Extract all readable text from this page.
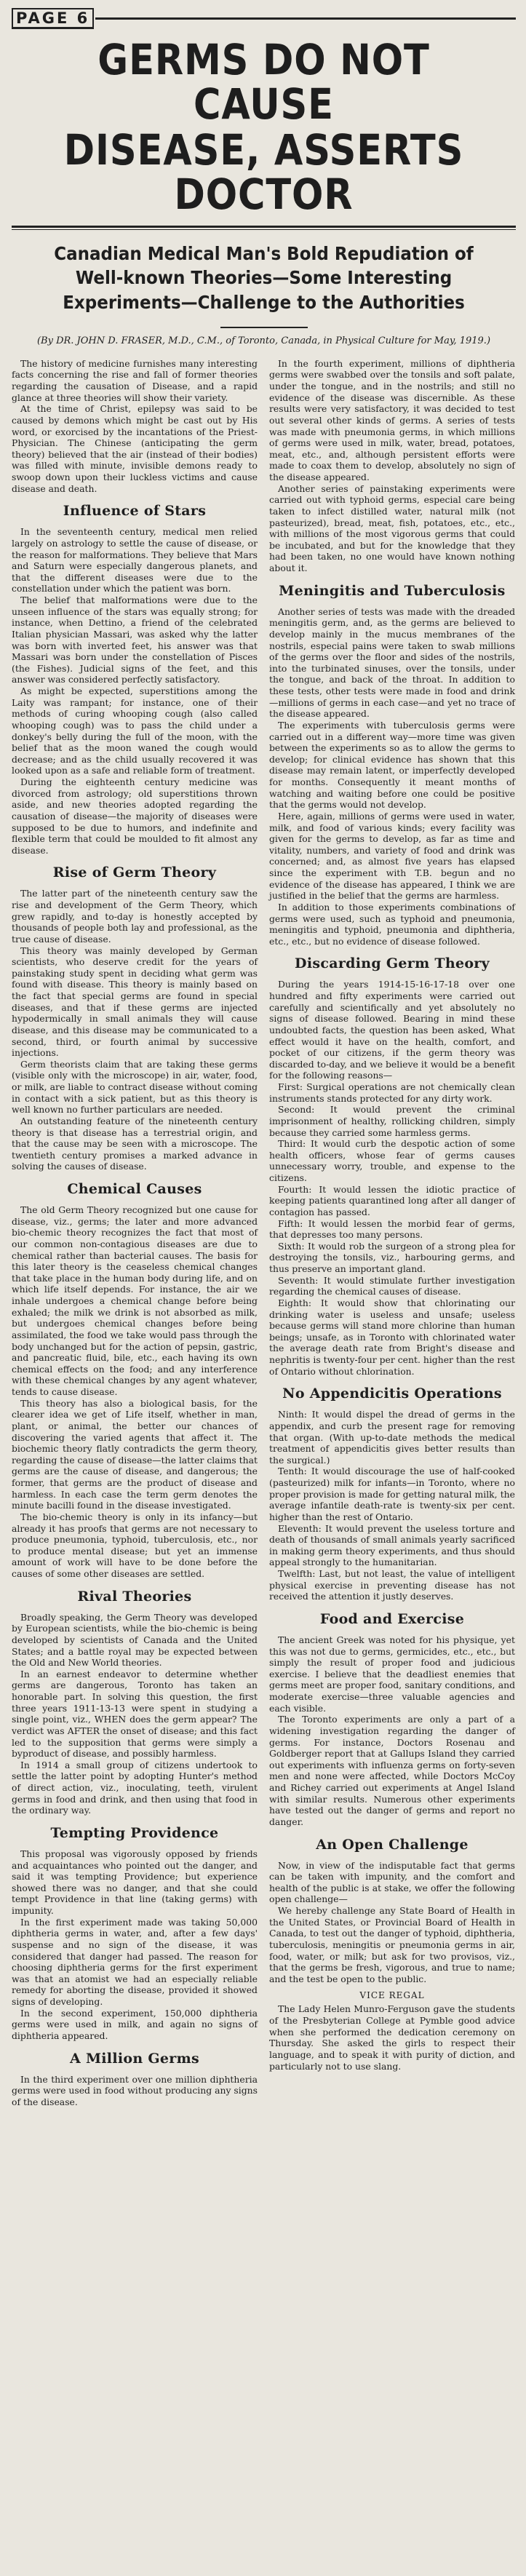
PAGE 6
GERMS DO NOT CAUSE
DISEASE, ASSERTS DOCTOR
Canadian Medical Man's Bold Repudiation of Well-known Theories—Some Interesting Experiments—Challenge to the Authorities
(By DR. JOHN D. FRASER, M.D., C.M., of Toronto, Canada, in Physical Culture for May, 1919.)

The history of medicine furnishes many interesting facts concerning the rise and fall of former theories regarding the causation of Disease, and a rapid glance at three theories will show their variety.

At the time of Christ, epilepsy was said to be caused by demons which might be cast out by His word, or exorcised by the incantations of the Priest-Physician. The Chinese (anticipating the germ theory) believed that the air (instead of their bodies) was filled with minute, invisible demons ready to swoop down upon their luckless victims and cause disease and death.

Influence of Stars

In the seventeenth century, medical men relied largely on astrology to settle the cause of disease, or the reason for malformations. They believe that Mars and Saturn were especially dangerous planets, and that the different diseases were due to the constellation under which the patient was born.

The belief that malformations were due to the unseen influence of the stars was equally strong; for instance, when Dettino, a friend of the celebrated Italian physician Massari, was asked why the latter was born with inverted feet, his answer was that Massari was born under the constellation of Pisces (the Fishes). Judicial signs of the feet, and this answer was considered perfectly satisfactory.

As might be expected, superstitions among the Laity was rampant; for instance, one of their methods of curing whooping cough (also called whooping cough) was to pass the child under a donkey's belly during the full of the moon, with the belief that as the moon waned the cough would decrease; and as the child usually recovered it was looked upon as a safe and reliable form of treatment.

During the eighteenth century medicine was divorced from astrology; old superstitions thrown aside, and new theories adopted regarding the causation of disease—the majority of diseases were supposed to be due to humors, and indefinite and flexible term that could be moulded to fit almost any disease.

Rise of Germ Theory

The latter part of the nineteenth century saw the rise and development of the Germ Theory, which grew rapidly, and to-day is honestly accepted by thousands of people both lay and professional, as the true cause of disease.

This theory was mainly developed by German scientists, who deserve credit for the years of painstaking study spent in deciding what germ was found with disease. This theory is mainly based on the fact that special germs are found in special diseases, and that if these germs are injected hypodermically in small animals they will cause disease, and this disease may be communicated to a second, third, or fourth animal by successive injections.

Germ theorists claim that are taking these germs (visible only with the microscope) in air, water, food, or milk, are liable to contract disease without coming in contact with a sick patient, but as this theory is well known no further particulars are needed.

An outstanding feature of the nineteenth century theory is that disease has a terrestrial origin, and that the cause may be seen with a microscope. The twentieth century promises a marked advance in solving the causes of disease.

Chemical Causes

The old Germ Theory recognized but one cause for disease, viz., germs; the later and more advanced bio-chemic theory recognizes the fact that most of our common non-contagious diseases are due to chemical rather than bacterial causes. The basis for this later theory is the ceaseless chemical changes that take place in the human body during life, and on which life itself depends. For instance, the air we inhale undergoes a chemical change before being exhaled; the milk we drink is not absorbed as milk, but undergoes chemical changes before being assimilated, the food we take would pass through the body unchanged but for the action of pepsin, gastric, and pancreatic fluid, bile, etc., each having its own chemical effects on the food; and any interference with these chemical changes by any agent whatever, tends to cause disease.

This theory has also a biological basis, for the clearer idea we get of Life itself, whether in man, plant, or animal, the better our chances of discovering the varied agents that affect it. The biochemic theory flatly contradicts the germ theory, regarding the cause of disease—the latter claims that germs are the cause of disease, and dangerous; the former, that germs are the product of disease and harmless. In each case the term germ denotes the minute bacilli found in the disease investigated.

The bio-chemic theory is only in its infancy—but already it has proofs that germs are not necessary to produce pneumonia, typhoid, tuberculosis, etc., nor to produce mental disease; but yet an immense amount of work will have to be done before the causes of some other diseases are settled.

Rival Theories

Broadly speaking, the Germ Theory was developed by European scientists, while the bio-chemic is being developed by scientists of Canada and the United States; and a battle royal may be expected between the Old and New World theories.

In an earnest endeavor to determine whether germs are dangerous, Toronto has taken an honorable part. In solving this question, the first three years 1911-13-13 were spent in studying a single point, viz., WHEN does the germ appear? The verdict was AFTER the onset of disease; and this fact led to the supposition that germs were simply a byproduct of disease, and possibly harmless.

In 1914 a small group of citizens undertook to settle the latter point by adopting Hunter's method of direct action, viz., inoculating, teeth, virulent germs in food and drink, and then using that food in the ordinary way.

Tempting Providence

This proposal was vigorously opposed by friends and acquaintances who pointed out the danger, and said it was tempting Providence; but experience showed there was no danger, and that she could tempt Providence in that line (taking germs) with impunity.

In the first experiment made was taking 50,000 diphtheria germs in water, and, after a few days' suspense and no sign of the disease, it was considered that danger had passed. The reason for choosing diphtheria germs for the first experiment was that an atomist we had an especially reliable remedy for aborting the disease, provided it showed signs of developing.

In the second experiment, 150,000 diphtheria germs were used in milk, and again no signs of diphtheria appeared.

A Million Germs

In the third experiment over one million diphtheria germs were used in food without producing any signs of the disease.

In the fourth experiment, millions of diphtheria germs were swabbed over the tonsils and soft palate, under the tongue, and in the nostrils; and still no evidence of the disease was discernible. As these results were very satisfactory, it was decided to test out several other kinds of germs. A series of tests was made with pneumonia germs, in which millions of germs were used in milk, water, bread, potatoes, meat, etc., and, although persistent efforts were made to coax them to develop, absolutely no sign of the disease appeared.

Another series of painstaking experiments were carried out with typhoid germs, especial care being taken to infect distilled water, natural milk (not pasteurized), bread, meat, fish, potatoes, etc., etc., with millions of the most vigorous germs that could be incubated, and but for the knowledge that they had been taken, no one would have known nothing about it.

Meningitis and Tuberculosis

Another series of tests was made with the dreaded meningitis germ, and, as the germs are believed to develop mainly in the mucus membranes of the nostrils, especial pains were taken to swab millions of the germs over the floor and sides of the nostrils, into the turbinated sinuses, over the tonsils, under the tongue, and back of the throat. In addition to these tests, other tests were made in food and drink—millions of germs in each case—and yet no trace of the disease appeared.

The experiments with tuberculosis germs were carried out in a different way—more time was given between the experiments so as to allow the germs to develop; for clinical evidence has shown that this disease may remain latent, or imperfectly developed for months. Consequently it meant months of watching and waiting before one could be positive that the germs would not develop.

Here, again, millions of germs were used in water, milk, and food of various kinds; every facility was given for the germs to develop, as far as time and vitality, numbers, and variety of food and drink was concerned; and, as almost five years has elapsed since the experiment with T.B. begun and no evidence of the disease has appeared, I think we are justified in the belief that the germs are harmless.

In addition to those experiments combinations of germs were used, such as typhoid and pneumonia, meningitis and typhoid, pneumonia and diphtheria, etc., etc., but no evidence of disease followed.

Discarding Germ Theory

During the years 1914-15-16-17-18 over one hundred and fifty experiments were carried out carefully and scientifically and yet absolutely no signs of disease followed. Bearing in mind these undoubted facts, the question has been asked, What effect would it have on the health, comfort, and pocket of our citizens, if the germ theory was discarded to-day, and we believe it would be a benefit for the following reasons—

First: Surgical operations are not chemically clean instruments stands protected for any dirty work.

Second: It would prevent the criminal imprisonment of healthy, rollicking children, simply because they carried some harmless germs.

Third: It would curb the despotic action of some health officers, whose fear of germs causes unnecessary worry, trouble, and expense to the citizens.

Fourth: It would lessen the idiotic practice of keeping patients quarantined long after all danger of contagion has passed.

Fifth: It would lessen the morbid fear of germs, that depresses too many persons.

Sixth: It would rob the surgeon of a strong plea for destroying the tonsils, viz., harbouring germs, and thus preserve an important gland.

Seventh: It would stimulate further investigation regarding the chemical causes of disease.

Eighth: It would show that chlorinating our drinking water is useless and unsafe; useless because germs will stand more chlorine than human beings; unsafe, as in Toronto with chlorinated water the average death rate from Bright's disease and nephritis is twenty-four per cent. higher than the rest of Ontario without chlorination.

No Appendicitis Operations

Ninth: It would dispel the dread of germs in the appendix, and curb the present rage for removing that organ. (With up-to-date methods the medical treatment of appendicitis gives better results than the surgical.)

Tenth: It would discourage the use of half-cooked (pasteurized) milk for infants—in Toronto, where no proper provision is made for getting natural milk, the average infantile death-rate is twenty-six per cent. higher than the rest of Ontario.

Eleventh: It would prevent the useless torture and death of thousands of small animals yearly sacrificed in making germ theory experiments, and thus should appeal strongly to the humanitarian.

Twelfth: Last, but not least, the value of intelligent physical exercise in preventing disease has not received the attention it justly deserves.

Food and Exercise

The ancient Greek was noted for his physique, yet this was not due to germs, germicides, etc., etc., but simply the result of proper food and judicious exercise. I believe that the deadliest enemies that germs meet are proper food, sanitary conditions, and moderate exercise—three valuable agencies and each visible.

The Toronto experiments are only a part of a widening investigation regarding the danger of germs. For instance, Doctors Rosenau and Goldberger report that at Gallups Island they carried out experiments with influenza germs on forty-seven men and none were affected, while Doctors McCoy and Richey carried out experiments at Angel Island with similar results. Numerous other experiments have tested out the danger of germs and report no danger.

An Open Challenge

Now, in view of the indisputable fact that germs can be taken with impunity, and the comfort and health of the public is at stake, we offer the following open challenge—

We hereby challenge any State Board of Health in the United States, or Provincial Board of Health in Canada, to test out the danger of typhoid, diphtheria, tuberculosis, meningitis or pneumonia germs in air, food, water, or milk; but ask for two provisos, viz., that the germs be fresh, vigorous, and true to name; and the test be open to the public.

VICE REGAL

The Lady Helen Munro-Ferguson gave the students of the Presbyterian College at Pymble good advice when she performed the dedication ceremony on Thursday. She asked the girls to respect their language, and to speak it with purity of diction, and particularly not to use slang.
